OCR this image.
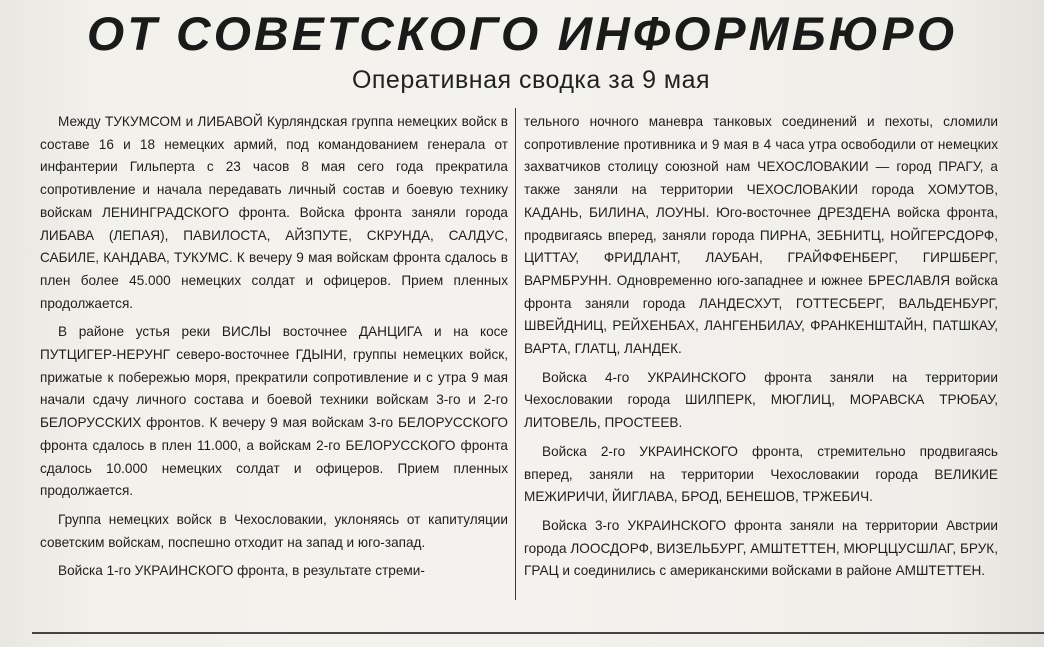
ОТ СОВЕТСКОГО ИНФОРМБЮРО
Оперативная сводка за 9 мая

Между ТУКУМСОМ и ЛИБАВОЙ Курляндская группа немецких войск в составе 16 и 18 немецких армий, под командованием генерала от инфантерии Гильперта с 23 часов 8 мая сего года прекратила сопротивление и начала передавать личный состав и боевую технику войскам ЛЕНИНГРАДСКОГО фронта. Войска фронта заняли города ЛИБАВА (ЛЕПАЯ), ПАВИЛОСТА, АЙЗПУТЕ, СКРУНДА, САЛДУС, САБИЛЕ, КАНДАВА, ТУКУМС. К вечеру 9 мая войскам фронта сдалось в плен более 45.000 немецких солдат и офицеров. Прием пленных продолжается.

В районе устья реки ВИСЛЫ восточнее ДАНЦИГА и на косе ПУТЦИГЕР-НЕРУНГ северо-восточнее ГДЫНИ, группы немецких войск, прижатые к побережью моря, прекратили сопротивление и с утра 9 мая начали сдачу личного состава и боевой техники войскам 3-го и 2-го БЕЛОРУССКИХ фронтов. К вечеру 9 мая войскам 3-го БЕЛОРУССКОГО фронта сдалось в плен 11.000, а войскам 2-го БЕЛОРУССКОГО фронта сдалось 10.000 немецких солдат и офицеров. Прием пленных продолжается.

Группа немецких войск в Чехословакии, уклоняясь от капитуляции советским войскам, поспешно отходит на запад и юго-запад.

Войска 1-го УКРАИНСКОГО фронта, в результате стреми-

тельного ночного маневра танковых соединений и пехоты, сломили сопротивление противника и 9 мая в 4 часа утра освободили от немецких захватчиков столицу союзной нам ЧЕХОСЛОВАКИИ — город ПРАГУ, а также заняли на территории ЧЕХОСЛОВАКИИ города ХОМУТОВ, КАДАНЬ, БИЛИНА, ЛОУНЫ. Юго-восточнее ДРЕЗДЕНА войска фронта, продвигаясь вперед, заняли города ПИРНА, ЗЕБНИТЦ, НОЙГЕРСДОРФ, ЦИТТАУ, ФРИДЛАНТ, ЛАУБАН, ГРАЙФФЕНБЕРГ, ГИРШБЕРГ, ВАРМБРУНН. Одновременно юго-западнее и южнее БРЕСЛАВЛЯ войска фронта заняли города ЛАНДЕСХУТ, ГОТТЕСБЕРГ, ВАЛЬДЕНБУРГ, ШВЕЙДНИЦ, РЕЙХЕНБАХ, ЛАНГЕНБИЛАУ, ФРАНКЕНШТАЙН, ПАТШКАУ, ВАРТА, ГЛАТЦ, ЛАНДЕК.

Войска 4-го УКРАИНСКОГО фронта заняли на территории Чехословакии города ШИЛПЕРК, МЮГЛИЦ, МОРАВСКА ТРЮБАУ, ЛИТОВЕЛЬ, ПРОСТЕЕВ.

Войска 2-го УКРАИНСКОГО фронта, стремительно продвигаясь вперед, заняли на территории Чехословакии города ВЕЛИКИЕ МЕЖИРИЧИ, ЙИГЛАВА, БРОД, БЕНЕШОВ, ТРЖЕБИЧ.

Войска 3-го УКРАИНСКОГО фронта заняли на территории Австрии города ЛООСДОРФ, ВИЗЕЛЬБУРГ, АМШТЕТТЕН, МЮРЦЦУСШЛАГ, БРУК, ГРАЦ и соединились с американскими войсками в районе АМШТЕТТЕН.
